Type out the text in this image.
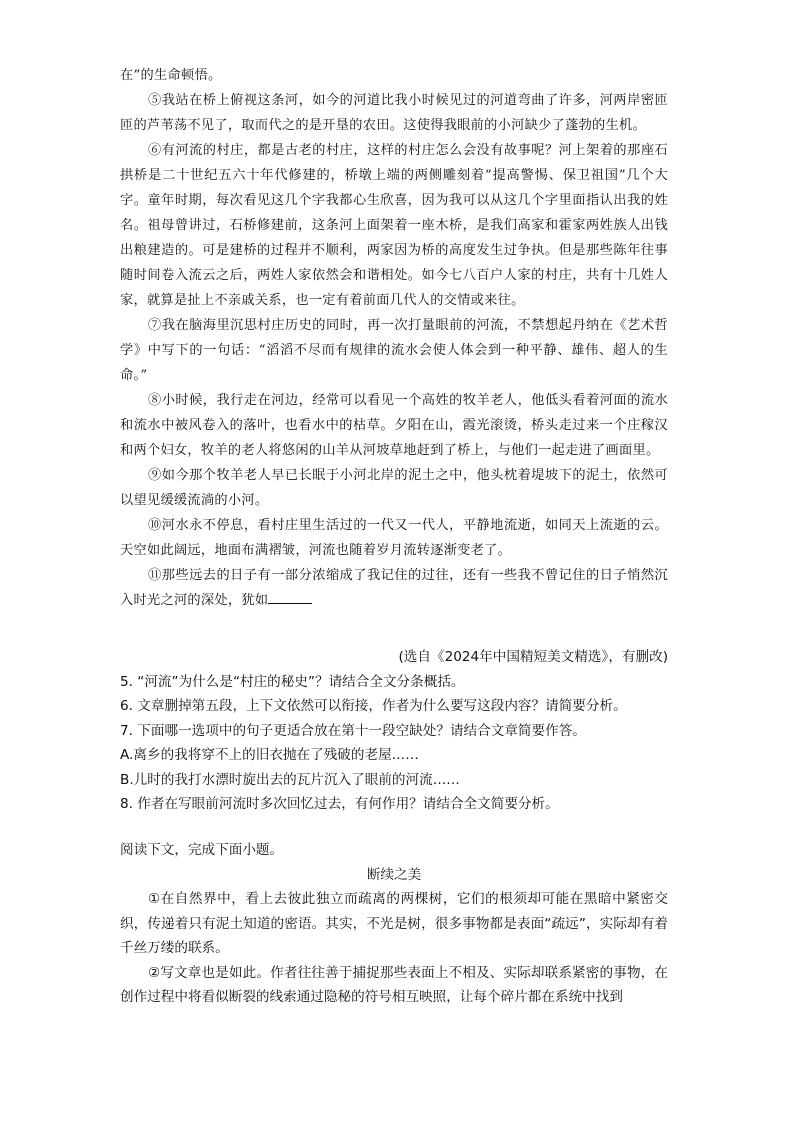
在”的生命顿悟。

⑤我站在桥上俯视这条河，如今的河道比我小时候见过的河道弯曲了许多，河两岸密匝匝的芦苇荡不见了，取而代之的是开垦的农田。这使得我眼前的小河缺少了蓬勃的生机。

⑥有河流的村庄，都是古老的村庄，这样的村庄怎么会没有故事呢？河上架着的那座石拱桥是二十世纪五六十年代修建的，桥墩上端的两侧雕刻着“提高警惕、保卫祖国”几个大字。童年时期，每次看见这几个字我都心生欣喜，因为我可以从这几个字里面指认出我的姓名。祖母曾讲过，石桥修建前，这条河上面架着一座木桥，是我们高家和霍家两姓族人出钱出粮建造的。可是建桥的过程并不顺利，两家因为桥的高度发生过争执。但是那些陈年往事随时间卷入流云之后，两姓人家依然会和谐相处。如今七八百户人家的村庄，共有十几姓人家，就算是扯上不亲戚关系，也一定有着前面几代人的交情或来往。

⑦我在脑海里沉思村庄历史的同时，再一次打量眼前的河流，不禁想起丹纳在《艺术哲学》中写下的一句话：“滔滔不尽而有规律的流水会使人体会到一种平静、雄伟、超人的生命。”

⑧小时候，我行走在河边，经常可以看见一个高姓的牧羊老人，他低头看着河面的流水和流水中被风卷入的落叶，也看水中的枯草。夕阳在山，霞光滚烫，桥头走过来一个庄稼汉和两个妇女，牧羊的老人将悠闲的山羊从河坡草地赶到了桥上，与他们一起走进了画面里。

⑨如今那个牧羊老人早已长眠于小河北岸的泥土之中，他头枕着堤坡下的泥土，依然可以望见缓缓流淌的小河。

⑩河水永不停息，看村庄里生活过的一代又一代人，平静地流逝，如同天上流逝的云。天空如此阔远，地面布满褶皱，河流也随着岁月流转逐渐变老了。

⑪那些远去的日子有一部分浓缩成了我记住的过往，还有一些我不曾记住的日子悄然沉入时光之河的深处，犹如

(选自《2024年中国精短美文精选》，有删改)

5. “河流”为什么是“村庄的秘史”？请结合全文分条概括。

6. 文章删掉第五段，上下文依然可以衔接，作者为什么要写这段内容？请简要分析。

7. 下面哪一选项中的句子更适合放在第十一段空缺处？请结合文章简要作答。

A.离乡的我将穿不上的旧衣抛在了残破的老屋……

B.儿时的我打水漂时旋出去的瓦片沉入了眼前的河流……

8. 作者在写眼前河流时多次回忆过去，有何作用？请结合全文简要分析。

阅读下文，完成下面小题。

断续之美

①在自然界中，看上去彼此独立而疏离的两棵树，它们的根须却可能在黑暗中紧密交织，传递着只有泥土知道的密语。其实，不光是树，很多事物都是表面“疏远”，实际却有着千丝万缕的联系。

②写文章也是如此。作者往往善于捕捉那些表面上不相及、实际却联系紧密的事物，在创作过程中将看似断裂的线索通过隐秘的符号相互映照，让每个碎片都在系统中找到
